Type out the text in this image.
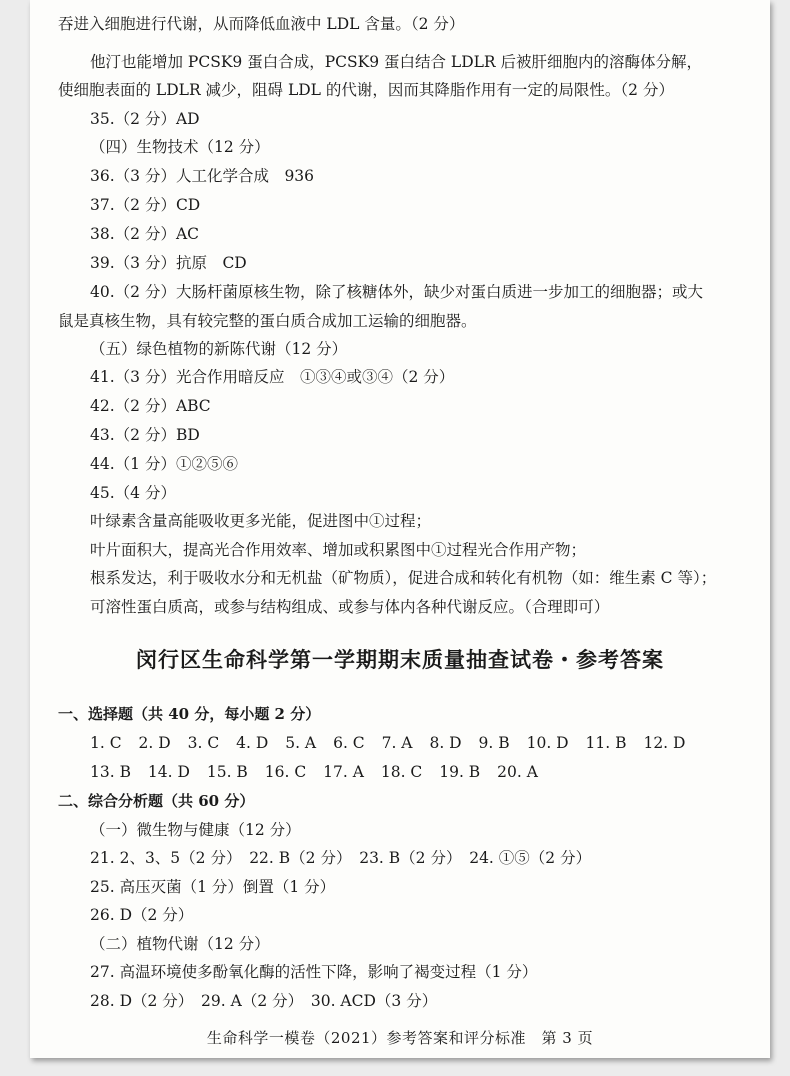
吞进入细胞进行代谢，从而降低血液中 LDL 含量。（2 分）
他汀也能增加 PCSK9 蛋白合成，PCSK9 蛋白结合 LDLR 后被肝细胞内的溶酶体分解，
使细胞表面的 LDLR 减少，阻碍 LDL 的代谢，因而其降脂作用有一定的局限性。（2 分）
35.（2 分）AD
（四）生物技术（12 分）
36.（3 分）人工化学合成　936
37.（2 分）CD
38.（2 分）AC
39.（3 分）抗原　CD
40.（2 分）大肠杆菌原核生物，除了核糖体外，缺少对蛋白质进一步加工的细胞器；或大
鼠是真核生物，具有较完整的蛋白质合成加工运输的细胞器。
（五）绿色植物的新陈代谢（12 分）
41.（3 分）光合作用暗反应　①③④或③④（2 分）
42.（2 分）ABC
43.（2 分）BD
44.（1 分）①②⑤⑥
45.（4 分）
叶绿素含量高能吸收更多光能，促进图中①过程；
叶片面积大，提高光合作用效率、增加或积累图中①过程光合作用产物；
根系发达，利于吸收水分和无机盐（矿物质），促进合成和转化有机物（如：维生素 C 等）；
可溶性蛋白质高，或参与结构组成、或参与体内各种代谢反应。（合理即可）
闵行区生命科学第一学期期末质量抽查试卷・参考答案
一、选择题（共 40 分，每小题 2 分）
1. C 2. D 3. C 4. D 5. A 6. C 7. A 8. D 9. B 10. D 11. B 12. D
13. B 14. D 15. B 16. C 17. A 18. C 19. B 20. A
二、综合分析题（共 60 分）
（一）微生物与健康（12 分）
21. 2、3、5（2 分）　22. B（2 分）　23. B（2 分）　24. ①⑤（2 分）
25. 高压灭菌（1 分）倒置（1 分）
26. D（2 分）
（二）植物代谢（12 分）
27. 高温环境使多酚氧化酶的活性下降，影响了褐变过程（1 分）
28. D（2 分）　29. A（2 分）　30. ACD（3 分）
生命科学一模卷（2021）参考答案和评分标准　第 3 页
